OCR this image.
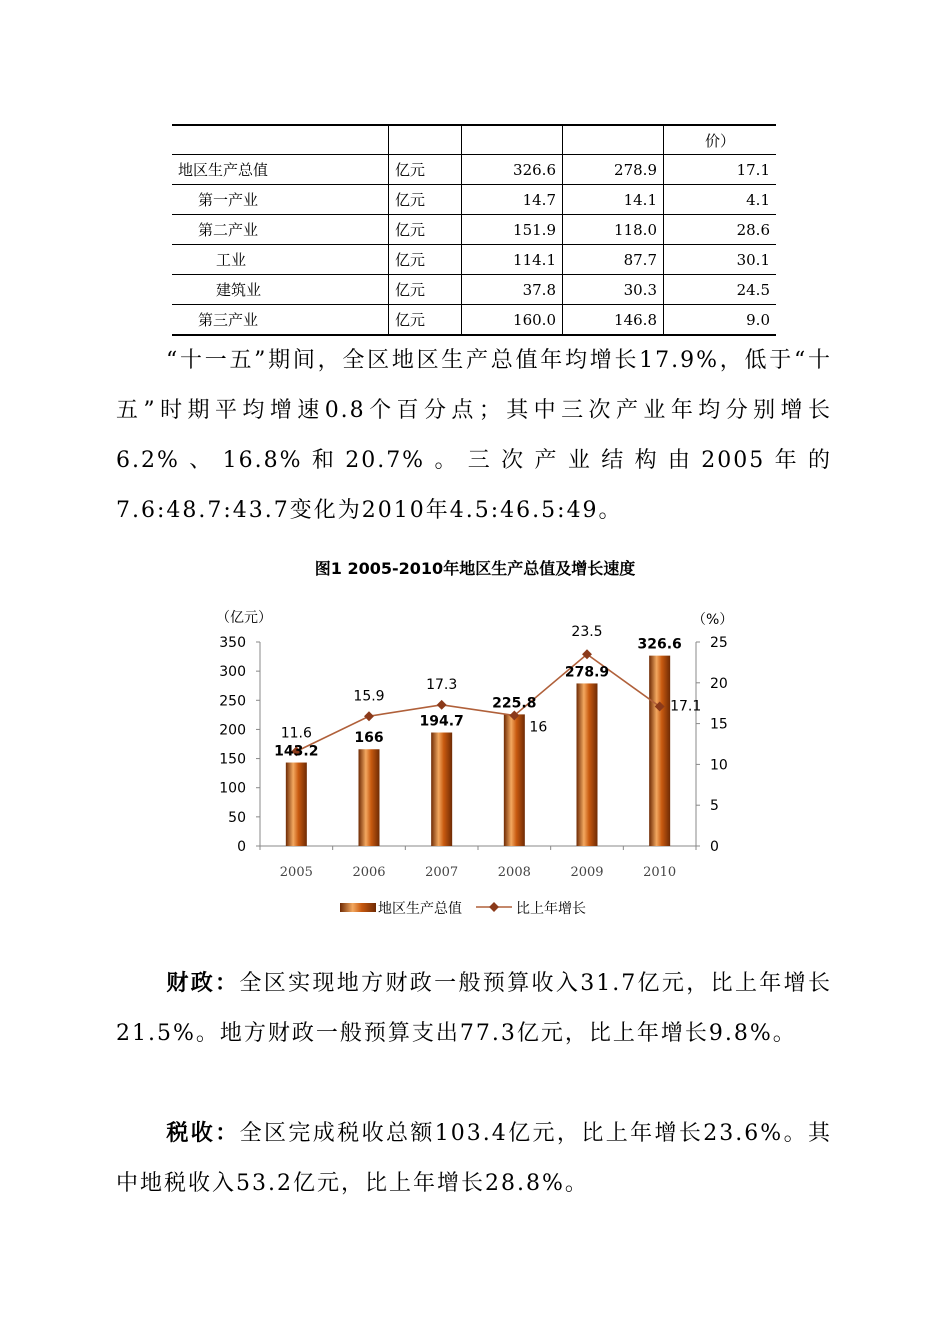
				价）
地区生产总值	亿元	326.6	278.9	17.1
第一产业	亿元	14.7	14.1	4.1
第二产业	亿元	151.9	118.0	28.6
工业	亿元	114.1	87.7	30.1
建筑业	亿元	37.8	30.3	24.5
第三产业	亿元	160.0	146.8	9.0

“十一五”期间，全区地区生产总值年均增长17.9%，低于“十五”时期平均增速0.8个百分点；其中三次产业年均分别增长6.2%、16.8%和20.7%。三次产业结构由2005年的7.6:48.7:43.7变化为2010年4.5:46.5:49。

图1 2005-2010年地区生产总值及增长速度
0
50
100
150
200
250
300
350
0
5
10
15
20
25
2005	2006	2007	2008	2009	2010
（亿元）	（%）
143.2
166
194.7
225.8
278.9
326.6
11.6
15.9
17.3
16
23.5
17.1
地区生产总值	比上年增长

财政：全区实现地方财政一般预算收入31.7亿元，比上年增长21.5%。地方财政一般预算支出77.3亿元，比上年增长9.8%。

税收：全区完成税收总额103.4亿元，比上年增长23.6%。其中地税收入53.2亿元，比上年增长28.8%。
